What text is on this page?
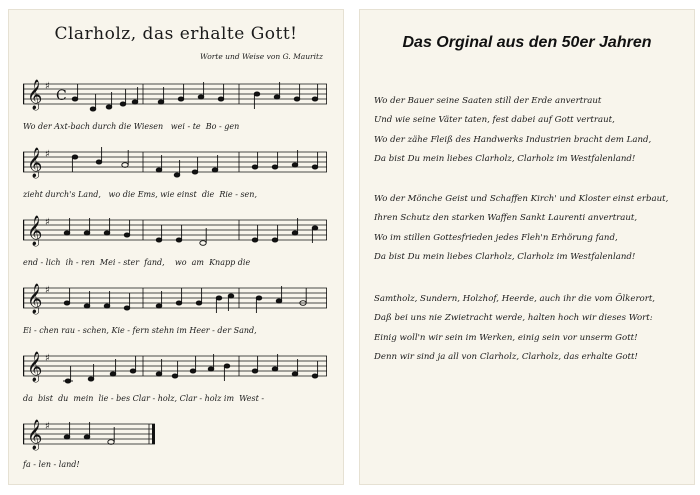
Clarholz, das erhalte Gott!
Worte und Weise von G. Mauritz
𝄞 ♯
C
Wo der Axt-bach durch die Wiesen   wei - te  Bo - gen
𝄞 ♯
zieht durch's Land,   wo die Ems, wie einst  die  Rie - sen,
𝄞 ♯
end - lich  ih - ren  Mei - ster  fand,    wo  am  Knapp die
𝄞 ♯
Ei - chen rau - schen, Kie - fern stehn im Heer - der Sand,
𝄞 ♯
da  bist  du  mein  lie - bes Clar - holz, Clar - holz im  West -
𝄞 ♯
fa - len - land!
Das Orginal aus den 50er Jahren
Wo der Bauer seine Saaten still der Erde anvertraut
Und wie seine Väter taten, fest dabei auf Gott vertraut,
Wo der zähe Fleiß des Handwerks Industrien bracht dem Land,
Da bist Du mein liebes Clarholz, Clarholz im Westfalenland!
Wo der Mönche Geist und Schaffen Kirch' und Kloster einst erbaut,
Ihren Schutz den starken Waffen Sankt Laurenti anvertraut,
Wo im stillen Gottesfrieden jedes Fleh'n Erhörung fand,
Da bist Du mein liebes Clarholz, Clarholz im Westfalenland!
Samtholz, Sundern, Holzhof, Heerde, auch ihr die vom Ölkerort,
Daß bei uns nie Zwietracht werde, halten hoch wir dieses Wort:
Einig woll'n wir sein im Werken, einig sein vor unserm Gott!
Denn wir sind ja all von Clarholz, Clarholz, das erhalte Gott!
